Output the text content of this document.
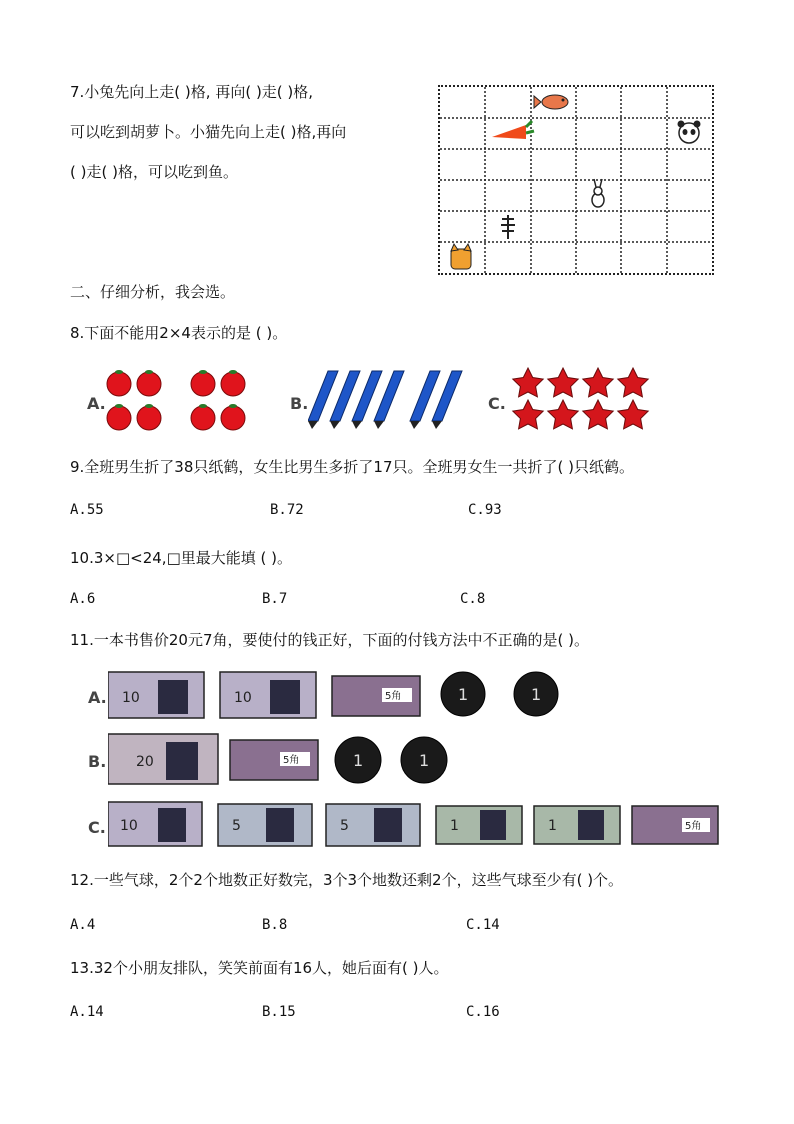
7.小兔先向上走( )格, 再向( )走( )格,
可以吃到胡萝卜。小猫先向上走( )格,再向
( )走( )格，可以吃到鱼。
二、仔细分析，我会选。
8.下面不能用2×4表示的是 ( )。
A.	B.	C.
9.全班男生折了38只纸鹤，女生比男生多折了17只。全班男女生一共折了( )只纸鹤。
A.55	B.72	C.93
10.3×□<24,□里最大能填 ( )。
A.6	B.7	C.8
11.一本书售价20元7角，要使付的钱正好，下面的付钱方法中不正确的是( )。
A. 10	10	5角	1	1
B. 20	5角	1	1
C. 10	5	5	1	1	5角
12.一些气球，2个2个地数正好数完，3个3个地数还剩2个，这些气球至少有( )个。
A.4	B.8	C.14
13.32个小朋友排队，笑笑前面有16人，她后面有( )人。
A.14	B.15	C.16
